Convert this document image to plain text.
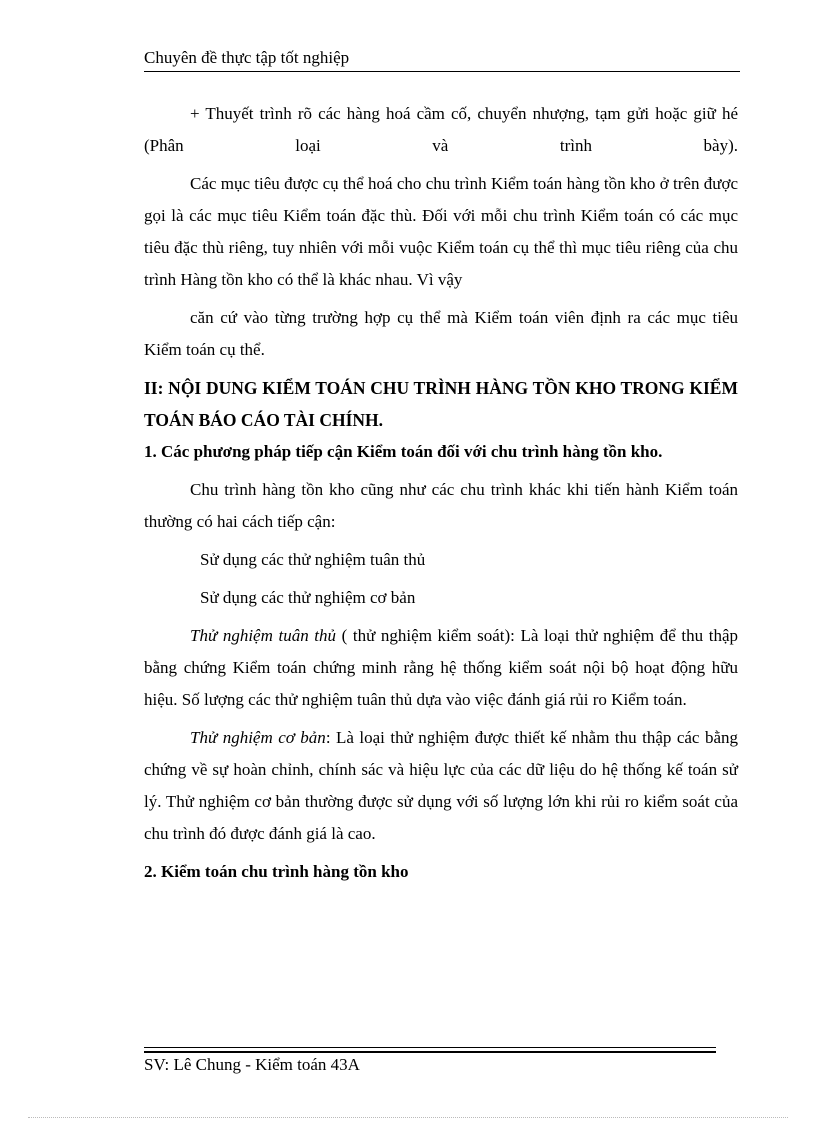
Chuyên đề thực tập tốt nghiệp

+ Thuyết trình rõ các hàng hoá cầm cố, chuyển nhượng, tạm gửi hoặc giữ hé (Phân loại và trình bày).

Các mục tiêu được cụ thể hoá cho chu trình Kiểm toán hàng tồn kho ở trên được gọi là các mục tiêu Kiểm toán đặc thù. Đối với mỗi chu trình Kiểm toán có các mục tiêu đặc thù riêng, tuy nhiên với mỗi vuộc Kiểm toán cụ thể thì mục tiêu riêng của chu trình Hàng tồn kho có thể là khác nhau. Vì vậy

căn cứ vào từng trường hợp cụ thể mà Kiểm toán viên định ra các mục tiêu Kiểm toán cụ thể.

II: NỘI DUNG KIỂM TOÁN CHU TRÌNH HÀNG TỒN KHO TRONG KIỂM TOÁN BÁO CÁO TÀI CHÍNH.

1. Các phương pháp tiếp cận Kiểm toán đối với chu trình hàng tồn kho.

Chu trình hàng tồn kho cũng như các chu trình khác khi tiến hành Kiểm toán thường có hai cách tiếp cận:

Sử dụng các thử nghiệm tuân thủ

Sử dụng các thử nghiệm cơ bản

Thử nghiệm tuân thủ ( thử nghiệm kiểm soát): Là loại thử nghiệm để thu thập bằng chứng Kiểm toán chứng minh rằng hệ thống kiểm soát nội bộ hoạt động hữu hiệu. Số lượng các thử nghiệm tuân thủ dựa vào việc đánh giá rủi ro Kiểm toán.

Thử nghiệm cơ bản: Là loại thử nghiệm được thiết kế nhằm thu thập các bằng chứng về sự hoàn chỉnh, chính sác và hiệu lực của các dữ liệu do hệ thống kế toán sử lý. Thử nghiệm cơ bản thường được sử dụng với số lượng lớn khi rủi ro kiểm soát của chu trình đó được đánh giá là cao.

2. Kiểm toán chu trình hàng tồn kho

SV: Lê Chung - Kiểm toán 43A
